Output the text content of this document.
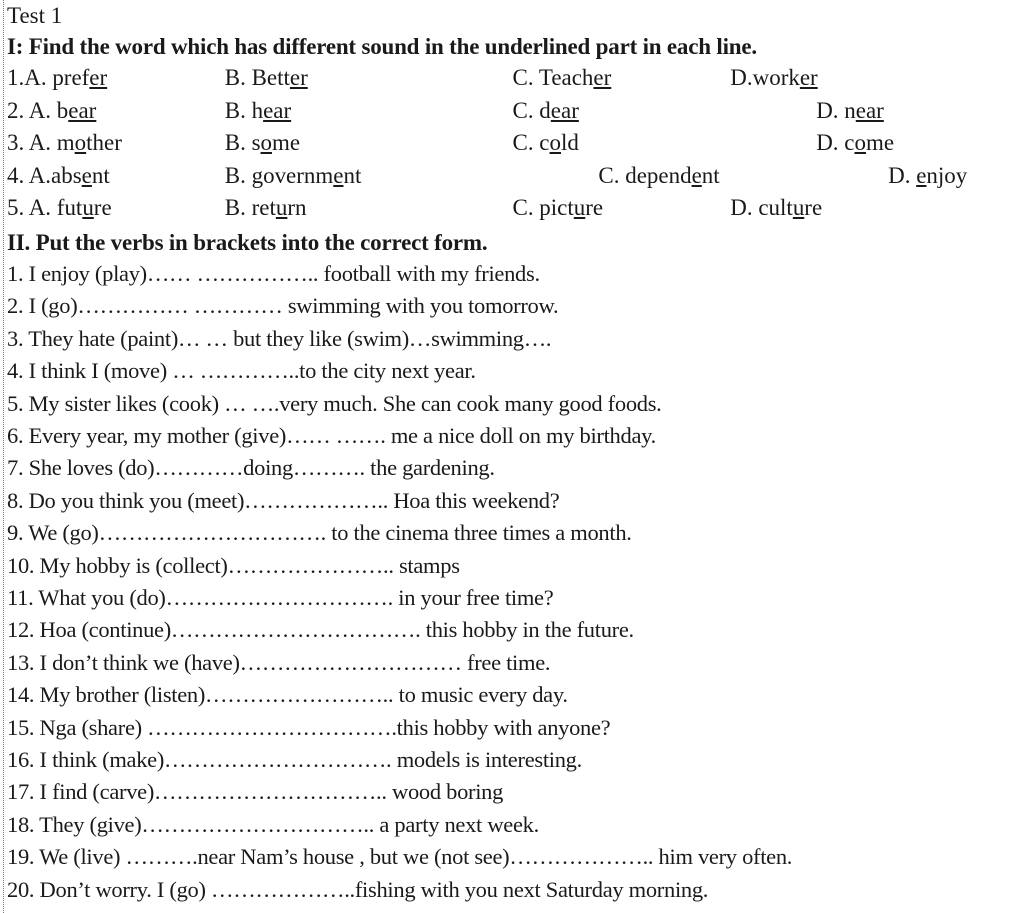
Test 1
I: Find the word which has different sound in the underlined part in each line.
1.A. prefer	B. Better	C. Teacher	D.worker
2. A. bear	B. hear	C. dear	D. near
3. A. mother	B. some	C. cold	D. come
4. A.absent	B. government	C. dependent	D. enjoy
5. A. future	B. return	C. picture	D. culture
II. Put the verbs in brackets into the correct form.
1. I enjoy (play)…… …………….. football with my friends.
2. I (go)…………… ………… swimming with you tomorrow.
3. They hate (paint)… … but they like (swim)…swimming….
4. I think I (move) … …………..to the city next year.
5. My sister likes (cook) … ….very much. She can cook many good foods.
6. Every year, my mother (give)…… ……. me a nice doll on my birthday.
7. She loves (do)…………doing………. the gardening.
8. Do you think you (meet)……………….. Hoa this weekend?
9. We (go)…………………………. to the cinema three times a month.
10. My hobby is (collect)………………….. stamps
11. What you (do)…………………………. in your free time?
12. Hoa (continue)……………………………. this hobby in the future.
13. I don’t think we (have)………………………… free time.
14. My brother (listen)…………………….. to music every day.
15. Nga (share) …………………………….this hobby with anyone?
16. I think (make)…………………………. models is interesting.
17. I find (carve)………………………….. wood boring
18. They (give)………………………….. a party next week.
19. We (live) ……….near Nam’s house , but we (not see)……………….. him very often.
20. Don’t worry. I (go) ………………..fishing with you next Saturday morning.
